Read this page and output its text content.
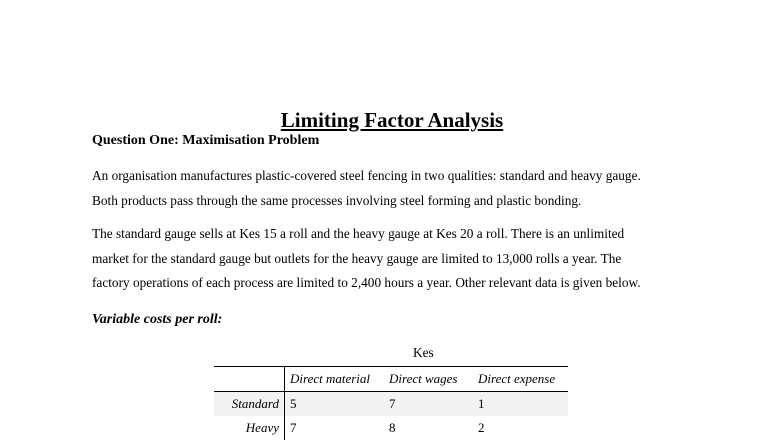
Limiting Factor Analysis
Question One: Maximisation Problem
An organisation manufactures plastic-covered steel fencing in two qualities: standard and heavy gauge.
Both products pass through the same processes involving steel forming and plastic bonding.
The standard gauge sells at Kes 15 a roll and the heavy gauge at Kes 20 a roll. There is an unlimited
market for the standard gauge but outlets for the heavy gauge are limited to 13,000 rolls a year. The
factory operations of each process are limited to 2,400 hours a year. Other relevant data is given below.
Variable costs per roll:
Kes
	Direct material	Direct wages	Direct expense
Standard	5	7	1
Heavy	7	8	2
